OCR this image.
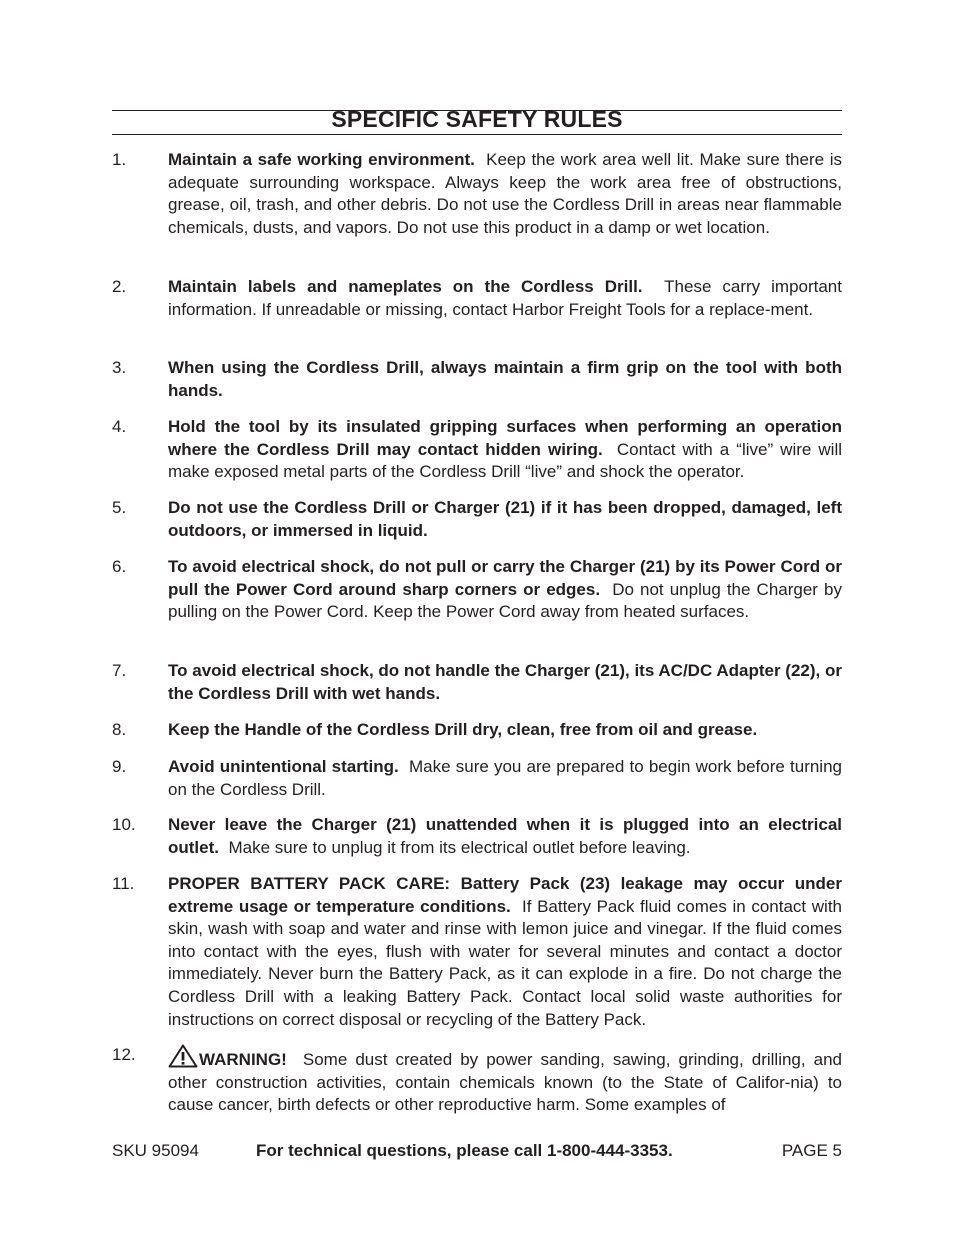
SPECIFIC SAFETY RULES
1. Maintain a safe working environment. Keep the work area well lit. Make sure there is adequate surrounding workspace. Always keep the work area free of obstructions, grease, oil, trash, and other debris. Do not use the Cordless Drill in areas near flammable chemicals, dusts, and vapors. Do not use this product in a damp or wet location.
2. Maintain labels and nameplates on the Cordless Drill. These carry important information. If unreadable or missing, contact Harbor Freight Tools for a replace-ment.
3. When using the Cordless Drill, always maintain a firm grip on the tool with both hands.
4. Hold the tool by its insulated gripping surfaces when performing an operation where the Cordless Drill may contact hidden wiring. Contact with a “live” wire will make exposed metal parts of the Cordless Drill “live” and shock the operator.
5. Do not use the Cordless Drill or Charger (21) if it has been dropped, damaged, left outdoors, or immersed in liquid.
6. To avoid electrical shock, do not pull or carry the Charger (21) by its Power Cord or pull the Power Cord around sharp corners or edges. Do not unplug the Charger by pulling on the Power Cord. Keep the Power Cord away from heated surfaces.
7. To avoid electrical shock, do not handle the Charger (21), its AC/DC Adapter (22), or the Cordless Drill with wet hands.
8. Keep the Handle of the Cordless Drill dry, clean, free from oil and grease.
9. Avoid unintentional starting. Make sure you are prepared to begin work before turning on the Cordless Drill.
10. Never leave the Charger (21) unattended when it is plugged into an electrical outlet. Make sure to unplug it from its electrical outlet before leaving.
11. PROPER BATTERY PACK CARE: Battery Pack (23) leakage may occur under extreme usage or temperature conditions. If Battery Pack fluid comes in contact with skin, wash with soap and water and rinse with lemon juice and vinegar. If the fluid comes into contact with the eyes, flush with water for several minutes and contact a doctor immediately. Never burn the Battery Pack, as it can explode in a fire. Do not charge the Cordless Drill with a leaking Battery Pack. Contact local solid waste authorities for instructions on correct disposal or recycling of the Battery Pack.
12.	WARNING! Some dust created by power sanding, sawing, grinding, drilling, and other construction activities, contain chemicals known (to the State of Califor-nia) to cause cancer, birth defects or other reproductive harm. Some examples of
SKU 95094	For technical questions, please call 1-800-444-3353.	PAGE 5
